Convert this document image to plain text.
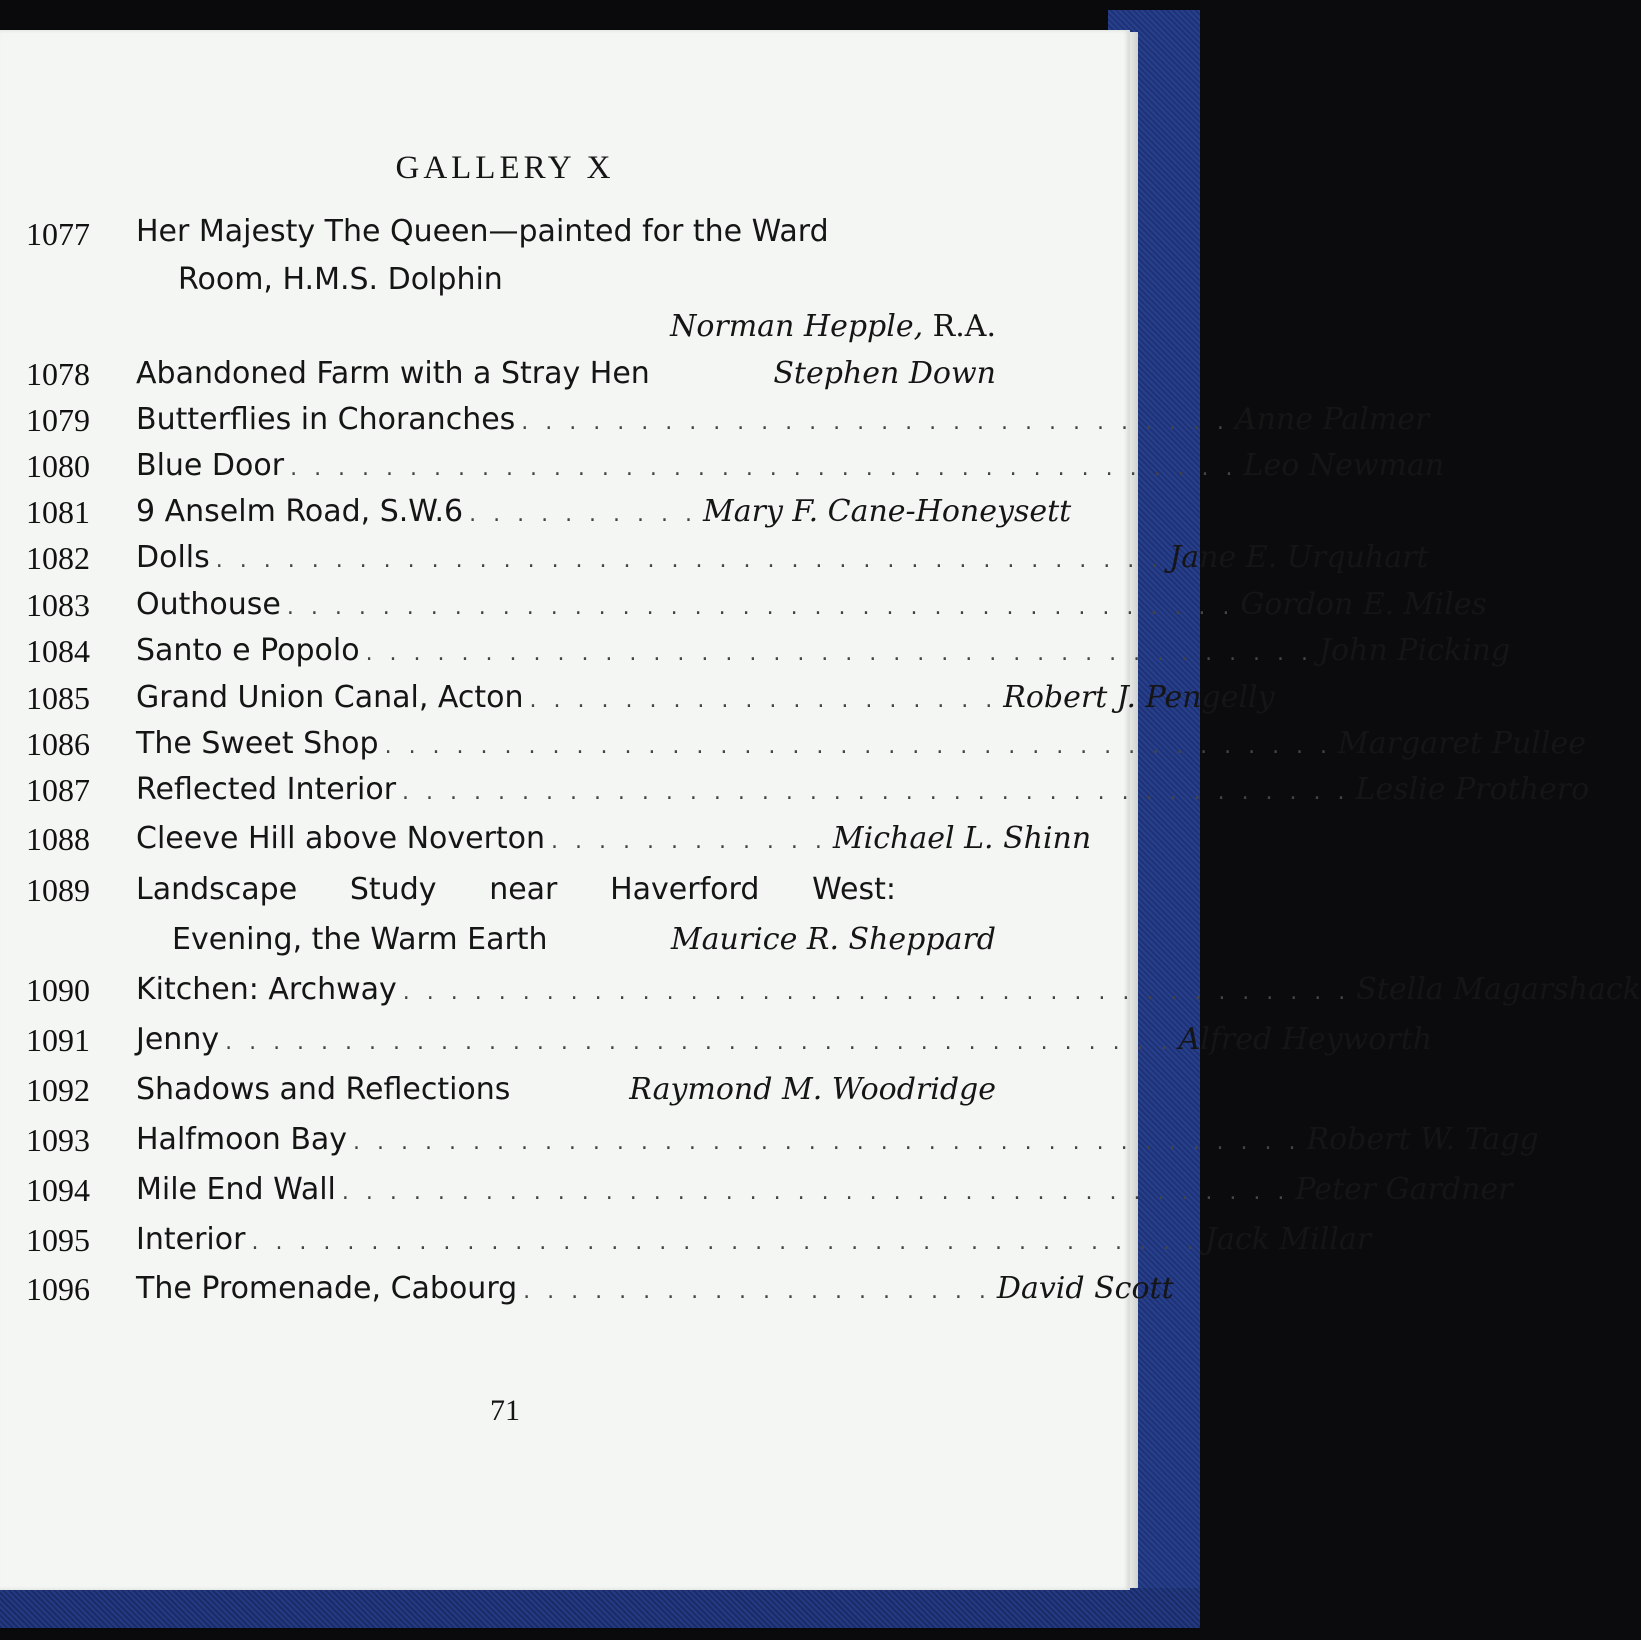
GALLERY X
1077	Her Majesty The Queen—painted for the Ward
Room, H.M.S. Dolphin
Norman Hepple, R.A.
1078	Abandoned Farm with a Stray Hen	Stephen Down
1079	Butterflies in Choranches . . . . . . . . . . . . . . . . . . . . . . . . . . . . . . Anne Palmer
1080	Blue Door . . . . . . . . . . . . . . . . . . . . . . . . . . . . . . . . . . . . . . . . Leo Newman
1081	9 Anselm Road, S.W.6 . . . . . . . . . . Mary F. Cane-Honeysett
1082	Dolls . . . . . . . . . . . . . . . . . . . . . . . . . . . . . . . . . . . . . . . . Jane E. Urquhart
1083	Outhouse . . . . . . . . . . . . . . . . . . . . . . . . . . . . . . . . . . . . . . . . Gordon E. Miles
1084	Santo e Popolo . . . . . . . . . . . . . . . . . . . . . . . . . . . . . . . . . . . . . . . . John Picking
1085	Grand Union Canal, Acton . . . . . . . . . . . . . . . . . . . . Robert J. Pengelly
1086	The Sweet Shop . . . . . . . . . . . . . . . . . . . . . . . . . . . . . . . . . . . . . . . . Margaret Pullee
1087	Reflected Interior . . . . . . . . . . . . . . . . . . . . . . . . . . . . . . . . . . . . . . . . Leslie Prothero
1088	Cleeve Hill above Noverton . . . . . . . . . . . . Michael L. Shinn
1089	Landscape Study near Haverford West:
Evening, the Warm Earth	Maurice R. Sheppard
1090	Kitchen: Archway . . . . . . . . . . . . . . . . . . . . . . . . . . . . . . . . . . . . . . . . Stella Magarshack
1091	Jenny . . . . . . . . . . . . . . . . . . . . . . . . . . . . . . . . . . . . . . . . Alfred Heyworth
1092	Shadows and Reflections	Raymond M. Woodridge
1093	Halfmoon Bay . . . . . . . . . . . . . . . . . . . . . . . . . . . . . . . . . . . . . . . . Robert W. Tagg
1094	Mile End Wall . . . . . . . . . . . . . . . . . . . . . . . . . . . . . . . . . . . . . . . . Peter Gardner
1095	Interior . . . . . . . . . . . . . . . . . . . . . . . . . . . . . . . . . . . . . . . . Jack Millar
1096	The Promenade, Cabourg . . . . . . . . . . . . . . . . . . . . David Scott
71
